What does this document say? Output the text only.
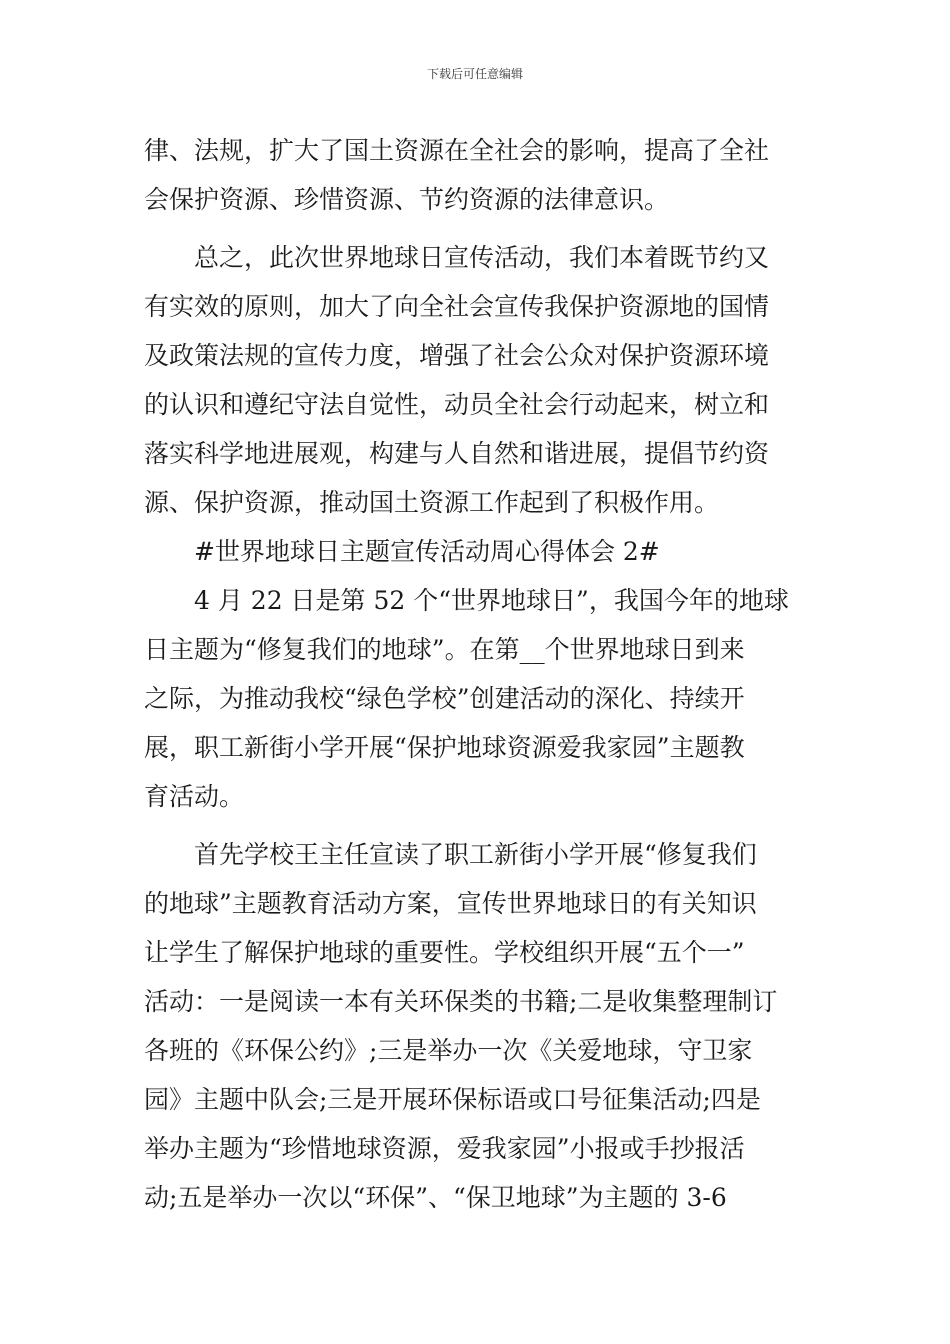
下载后可任意编辑
律、法规，扩大了国土资源在全社会的影响，提高了全社
会保护资源、珍惜资源、节约资源的法律意识。
　　总之，此次世界地球日宣传活动，我们本着既节约又
有实效的原则，加大了向全社会宣传我保护资源地的国情
及政策法规的宣传力度，增强了社会公众对保护资源环境
的认识和遵纪守法自觉性，动员全社会行动起来，树立和
落实科学地进展观，构建与人自然和谐进展，提倡节约资
源、保护资源，推动国土资源工作起到了积极作用。
　　#世界地球日主题宣传活动周心得体会 2#
　　4 月 22 日是第 52 个“世界地球日”，我国今年的地球
日主题为“修复我们的地球”。在第__个世界地球日到来
之际，为推动我校“绿色学校”创建活动的深化、持续开
展，职工新街小学开展“保护地球资源爱我家园”主题教
育活动。
　　首先学校王主任宣读了职工新街小学开展“修复我们
的地球”主题教育活动方案，宣传世界地球日的有关知识
让学生了解保护地球的重要性。学校组织开展“五个一”
活动：一是阅读一本有关环保类的书籍;二是收集整理制订
各班的《环保公约》;三是举办一次《关爱地球，守卫家
园》主题中队会;三是开展环保标语或口号征集活动;四是
举办主题为“珍惜地球资源，爱我家园”小报或手抄报活
动;五是举办一次以“环保”、“保卫地球”为主题的 3-6
